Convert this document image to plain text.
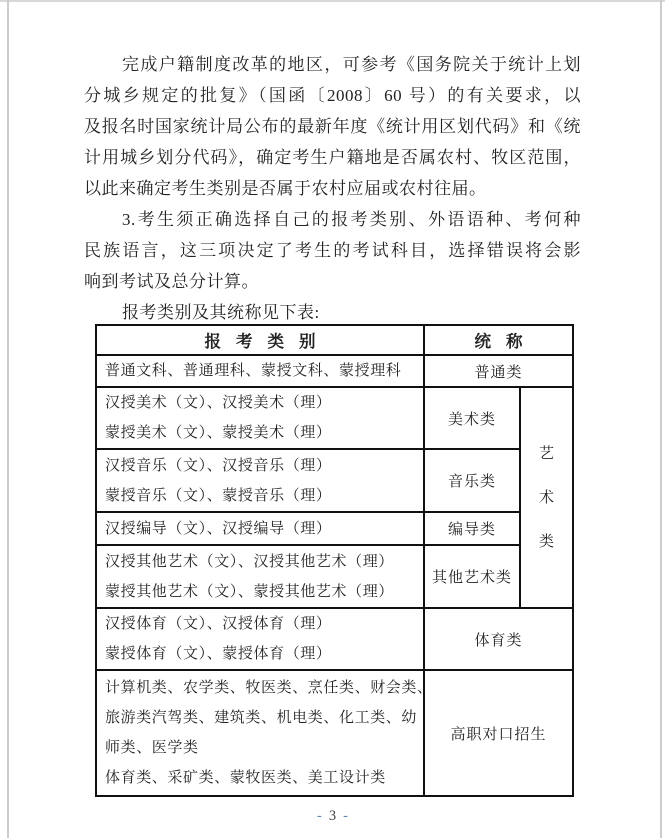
完成户籍制度改革的地区，可参考《国务院关于统计上划
分城乡规定的批复》（国函〔2008〕60 号）的有关要求，以
及报名时国家统计局公布的最新年度《统计用区划代码》和《统
计用城乡划分代码》，确定考生户籍地是否属农村、牧区范围，
以此来确定考生类别是否属于农村应届或农村往届。
3.考生须正确选择自己的报考类别、外语语种、考何种
民族语言，这三项决定了考生的考试科目，选择错误将会影
响到考试及总分计算。
报考类别及其统称见下表:
报考类别	统称	

普通文科、普通理科、蒙授文科、蒙授理科	普通类	

汉授美术（文）、汉授美术（理）
蒙授美术（文）、蒙授美术（理）	美术类	艺术类

汉授音乐（文）、汉授音乐（理）
蒙授音乐（文）、蒙授音乐（理）	音乐类	

汉授编导（文）、汉授编导（理）	编导类	

汉授其他艺术（文）、汉授其他艺术（理）
蒙授其他艺术（文）、蒙授其他艺术（理）	其他艺术类	

汉授体育（文）、汉授体育（理）
蒙授体育（文）、蒙授体育（理）	体育类	

计算机类、农学类、牧医类、烹任类、财会类、
旅游类汽驾类、建筑类、机电类、化工类、幼
师类、医学类
体育类、采矿类、蒙牧医类、美工设计类	高职对口招生	
- 3 -
